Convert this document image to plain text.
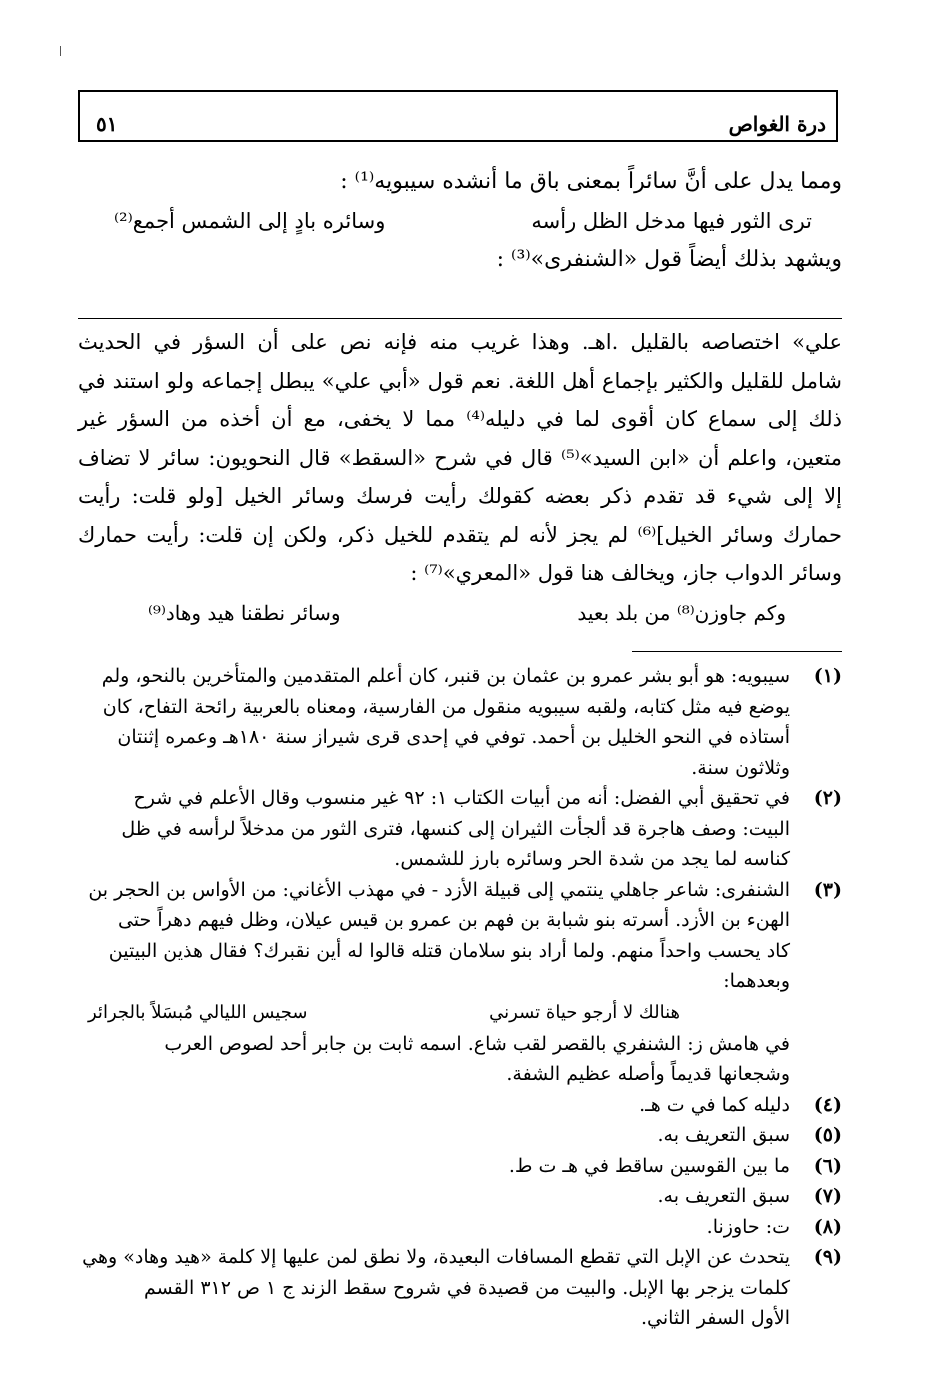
درة الغواص
٥١
ومما يدل على أنَّ سائراً بمعنى باق ما أنشده سيبويه⁽¹⁾ :
ترى الثور فيها مدخل الظل رأسه
وسائره بادٍ إلى الشمس أجمع⁽²⁾
ويشهد بذلك أيضاً قول «الشنفرى»⁽³⁾ :
علي» اختصاصه بالقليل .اهـ. وهذا غريب منه فإنه نص على أن السؤر في الحديث
شامل للقليل والكثير بإجماع أهل اللغة. نعم قول «أبي علي» يبطل إجماعه ولو استند في
ذلك إلى سماع كان أقوى لما في دليله⁽⁴⁾ مما لا يخفى، مع أن أخذه من السؤر غير
متعين، واعلم أن «ابن السيد»⁽⁵⁾ قال في شرح «السقط» قال النحويون: سائر لا تضاف
إلا إلى شيء قد تقدم ذكر بعضه كقولك رأيت فرسك وسائر الخيل [ولو قلت: رأيت
حمارك وسائر الخيل]⁽⁶⁾ لم يجز لأنه لم يتقدم للخيل ذكر، ولكن إن قلت: رأيت حمارك
وسائر الدواب جاز، ويخالف هنا قول «المعري»⁽⁷⁾ :
وكم جاوزن⁽⁸⁾ من بلد بعيد
وسائر نطقنا هيد وهاد⁽⁹⁾
(١)
سيبويه: هو أبو بشر عمرو بن عثمان بن قنبر، كان أعلم المتقدمين والمتأخرين بالنحو، ولم
يوضع فيه مثل كتابه، ولقبه سيبويه منقول من الفارسية، ومعناه بالعربية رائحة التفاح، كان
أستاذه في النحو الخليل بن أحمد. توفي في إحدى قرى شيراز سنة ١٨٠هـ وعمره إثنتان
وثلاثون سنة.
(٢)
في تحقيق أبي الفضل: أنه من أبيات الكتاب ١: ٩٢ غير منسوب وقال الأعلم في شرح
البيت: وصف هاجرة قد ألجأت الثيران إلى كنسها، فترى الثور من مدخلاً لرأسه في ظل
كناسه لما يجد من شدة الحر وسائره بارز للشمس.
(٣)
الشنفرى: شاعر جاهلي ينتمي إلى قبيلة الأزد - في مهذب الأغاني: من الأواس بن الحجر بن
الهنء بن الأزد. أسرته بنو شبابة بن فهم بن عمرو بن قيس عيلان، وظل فيهم دهراً حتى
كاد يحسب واحداً منهم. ولما أراد بنو سلامان قتله قالوا له أين نقبرك؟ فقال هذين البيتين
وبعدهما:
هنالك لا أرجو حياة تسرني
سجيس الليالي مُبسَلاً بالجرائر
في هامش ز: الشنفري بالقصر لقب شاع. اسمه ثابت بن جابر أحد لصوص العرب
وشجعانها قديماً وأصله عظيم الشفة.
(٤)
دليله كما في ت هـ.
(٥)
سبق التعريف به.
(٦)
ما بين القوسين ساقط في هـ ت ط.
(٧)
سبق التعريف به.
(٨)
ت: حاوزنا.
(٩)
يتحدث عن الإبل التي تقطع المسافات البعيدة، ولا نطق لمن عليها إلا كلمة «هيد وهاد» وهي
كلمات يزجر بها الإبل. والبيت من قصيدة في شروح سقط الزند ج ١ ص ٣١٢ القسم
الأول السفر الثاني.
